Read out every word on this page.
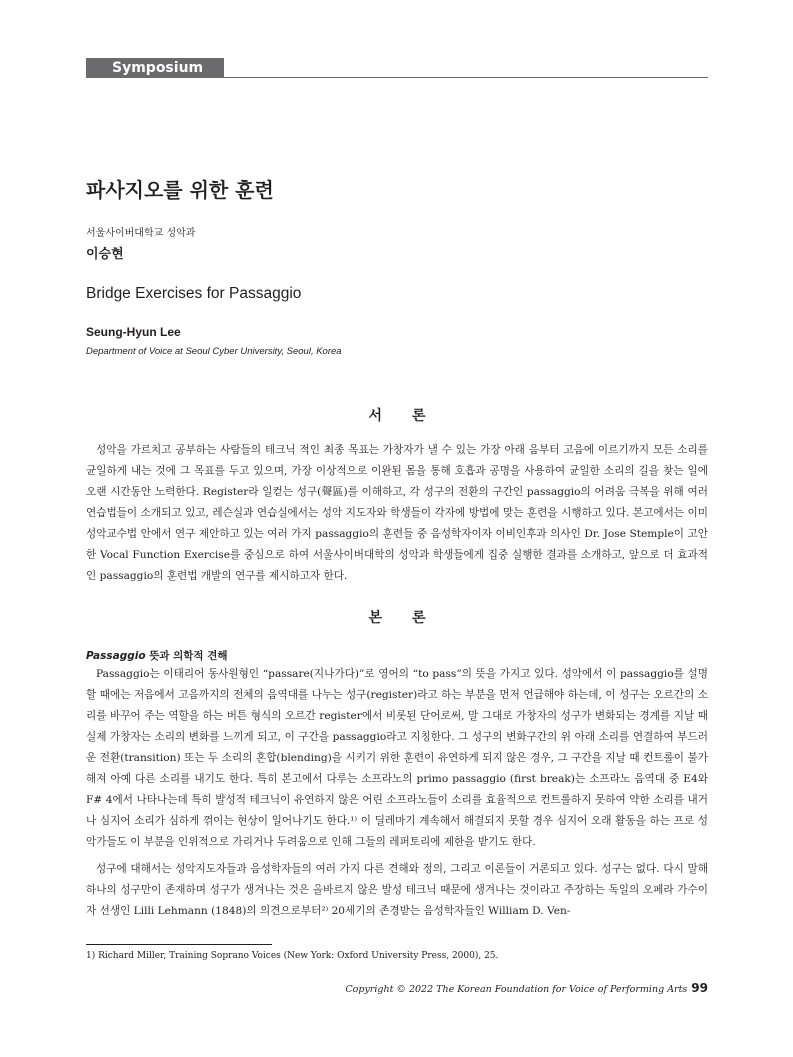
Symposium
파사지오를 위한 훈련
서울사이버대학교 성악과
이승현
Bridge Exercises for Passaggio
Seung-Hyun Lee
Department of Voice at Seoul Cyber University, Seoul, Korea
서론

성악을 가르치고 공부하는 사람들의 테크닉 적인 최종 목표는 가창자가 낼 수 있는 가장 아래 음부터 고음에 이르기까지 모든 소리를 균일하게 내는 것에 그 목표를 두고 있으며, 가장 이상적으로 이완된 몸을 통해 호흡과 공명을 사용하여 균일한 소리의 길을 찾는 일에 오랜 시간동안 노력한다. Register라 일컫는 성구(聲區)를 이해하고, 각 성구의 전환의 구간인 passaggio의 어려움 극복을 위해 여러 연습법들이 소개되고 있고, 레슨실과 연습실에서는 성악 지도자와 학생들이 각자에 방법에 맞는 훈련을 시행하고 있다. 본고에서는 이미 성악교수법 안에서 연구 제안하고 있는 여러 가지 passaggio의 훈련들 중 음성학자이자 이비인후과 의사인 Dr. Jose Stemple이 고안한 Vocal Function Exercise를 중심으로 하여 서울사이버대학의 성악과 학생들에게 집중 실행한 결과를 소개하고, 앞으로 더 효과적인 passaggio의 훈련법 개발의 연구를 제시하고자 한다.

본론
Passaggio 뜻과 의학적 견해

Passaggio는 이태리어 동사원형인 “passare(지나가다)”로 영어의 “to pass”의 뜻을 가지고 있다. 성악에서 이 passaggio를 설명할 때에는 저음에서 고음까지의 전체의 음역대를 나누는 성구(register)라고 하는 부분을 먼저 언급해야 하는데, 이 성구는 오르간의 소리를 바꾸어 주는 역할을 하는 버튼 형식의 오르간 register에서 비롯된 단어로써, 말 그대로 가창자의 성구가 변화되는 경계를 지날 때 실제 가창자는 소리의 변화를 느끼게 되고, 이 구간을 passaggio라고 지칭한다. 그 성구의 변화구간의 위 아래 소리를 연결하여 부드러운 전환(transition) 또는 두 소리의 혼합(blending)을 시키기 위한 훈련이 유연하게 되지 않은 경우, 그 구간을 지날 때 컨트롤이 불가 해져 아예 다른 소리를 내기도 한다. 특히 본고에서 다루는 소프라노의 primo passaggio (first break)는 소프라노 음역대 중 E4와 F# 4에서 나타나는데 특히 발성적 테크닉이 유연하지 않은 어린 소프라노들이 소리를 효율적으로 컨트롤하지 못하여 약한 소리를 내거나 심지어 소리가 심하게 꺾이는 현상이 일어나기도 한다.¹⁾ 이 딜레마기 계속해서 해결되지 못할 경우 심지어 오래 활동을 하는 프로 성악가들도 이 부분을 인위적으로 가리거나 두려움으로 인해 그들의 레퍼토리에 제한을 받기도 한다.

성구에 대해서는 성악지도자들과 음성학자들의 여러 가지 다른 견해와 정의, 그리고 이론들이 거론되고 있다. 성구는 없다. 다시 말해 하나의 성구만이 존재하며 성구가 생겨나는 것은 올바르지 않은 발성 테크닉 때문에 생겨나는 것이라고 주장하는 독일의 오페라 가수이자 선생인 Lilli Lehmann (1848)의 의견으로부터²⁾ 20세기의 존경받는 음성학자들인 William D. Ven-

1) Richard Miller, Training Soprano Voices (New York: Oxford University Press, 2000), 25.
Copyright © 2022 The Korean Foundation for Voice of Performing Arts 99
